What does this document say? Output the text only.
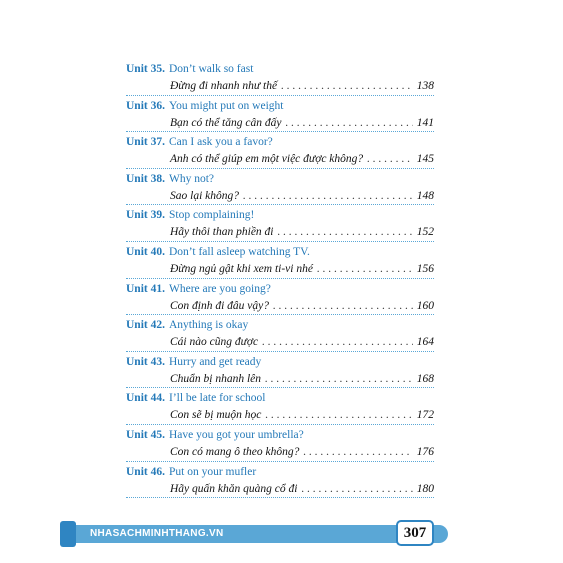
Unit 35. Don’t walk so fast
Đừng đi nhanh như thế . . .	138
Unit 36. You might put on weight
Bạn có thể tăng cân đấy . . .	141
Unit 37. Can I ask you a favor?
Anh có thể giúp em một việc được không? . . .	145
Unit 38. Why not?
Sao lại không? . . .	148
Unit 39. Stop complaining!
Hãy thôi than phiền đi . . .	152
Unit 40. Don’t fall asleep watching TV.
Đừng ngủ gật khi xem ti-vi nhé . . .	156
Unit 41. Where are you going?
Con định đi đâu vậy? . . .	160
Unit 42. Anything is okay
Cái nào cũng được . . .	164
Unit 43. Hurry and get ready
Chuẩn bị nhanh lên . . .	168
Unit 44. I’ll be late for school
Con sẽ bị muộn học . . .	172
Unit 45. Have you got your umbrella?
Con có mang ô theo không? . . .	176
Unit 46. Put on your mufler
Hãy quấn khăn quàng cổ đi . . .	180
NHASACHMINHTHANG.VN	307
